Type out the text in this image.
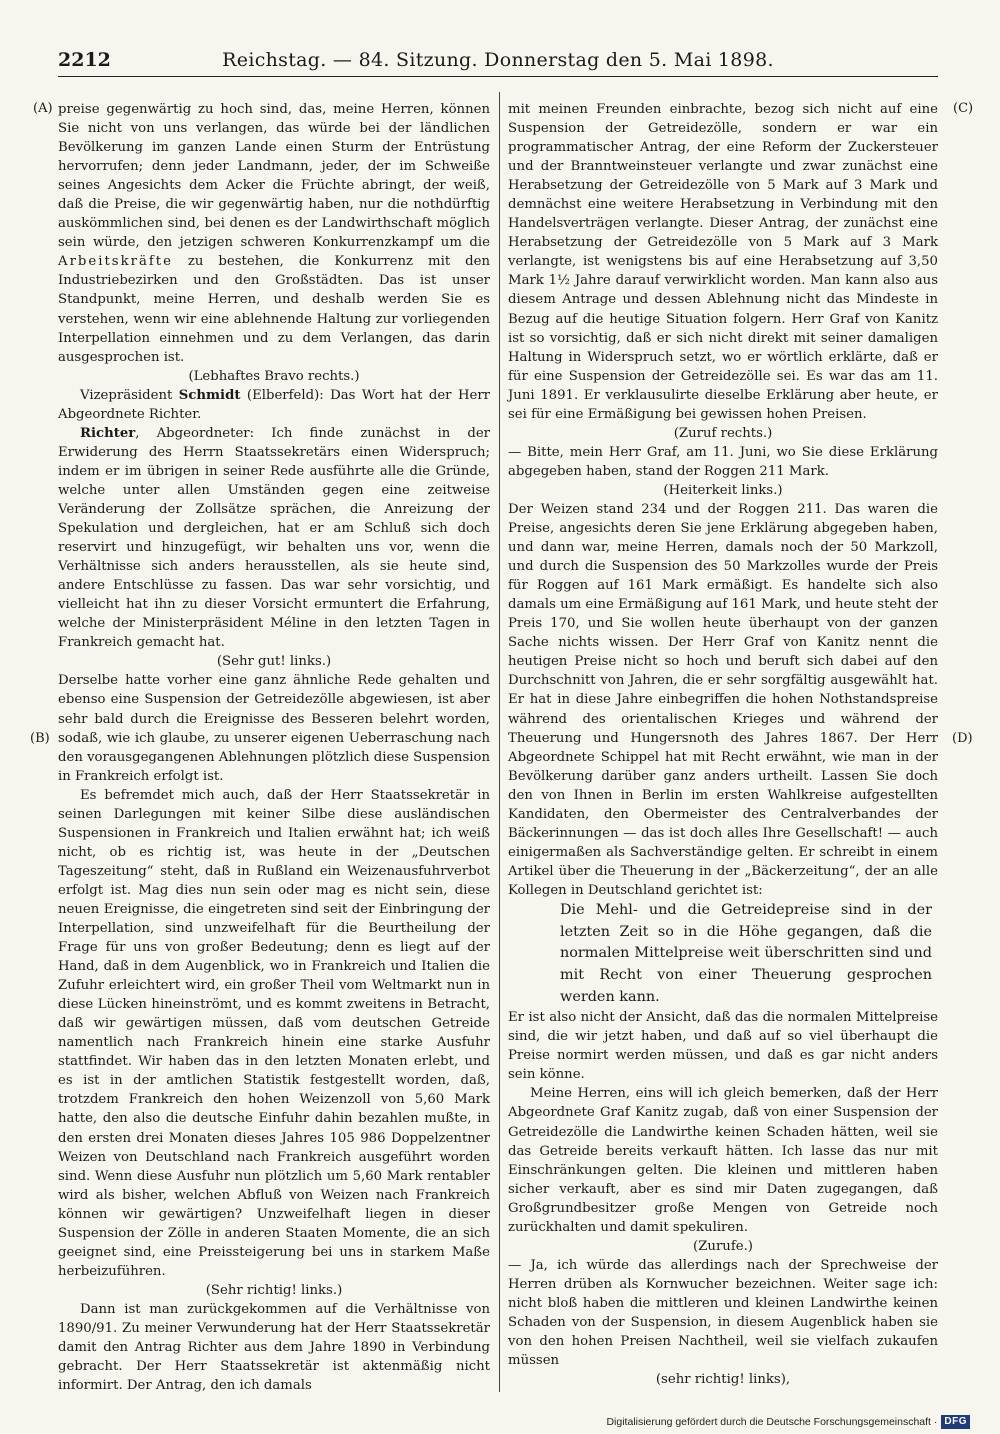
2212	Reichstag. — 84. Sitzung. Donnerstag den 5. Mai 1898.
(A)
(B)
(C)
(D)

preise gegenwärtig zu hoch sind, das, meine Herren, können Sie nicht von uns verlangen, das würde bei der ländlichen Bevölkerung im ganzen Lande einen Sturm der Entrüstung hervorrufen; denn jeder Landmann, jeder, der im Schweiße seines Angesichts dem Acker die Früchte abringt, der weiß, daß die Preise, die wir gegenwärtig haben, nur die nothdürftig auskömmlichen sind, bei denen es der Landwirthschaft möglich sein würde, den jetzigen schweren Konkurrenzkampf um die Arbeitskräfte zu bestehen, die Konkurrenz mit den Industriebezirken und den Großstädten. Das ist unser Standpunkt, meine Herren, und deshalb werden Sie es verstehen, wenn wir eine ablehnende Haltung zur vorliegenden Interpellation einnehmen und zu dem Verlangen, das darin ausgesprochen ist.

(Lebhaftes Bravo rechts.)

Vizepräsident Schmidt (Elberfeld): Das Wort hat der Herr Abgeordnete Richter.

Richter, Abgeordneter: Ich finde zunächst in der Erwiderung des Herrn Staatssekretärs einen Widerspruch; indem er im übrigen in seiner Rede ausführte alle die Gründe, welche unter allen Umständen gegen eine zeitweise Veränderung der Zollsätze sprächen, die Anreizung der Spekulation und dergleichen, hat er am Schluß sich doch reservirt und hinzugefügt, wir behalten uns vor, wenn die Verhältnisse sich anders herausstellen, als sie heute sind, andere Entschlüsse zu fassen. Das war sehr vorsichtig, und vielleicht hat ihn zu dieser Vorsicht ermuntert die Erfahrung, welche der Ministerpräsident Méline in den letzten Tagen in Frankreich gemacht hat.

(Sehr gut! links.)

Derselbe hatte vorher eine ganz ähnliche Rede gehalten und ebenso eine Suspension der Getreidezölle abgewiesen, ist aber sehr bald durch die Ereignisse des Besseren belehrt worden, sodaß, wie ich glaube, zu unserer eigenen Ueberraschung nach den vorausgegangenen Ablehnungen plötzlich diese Suspension in Frankreich erfolgt ist.

Es befremdet mich auch, daß der Herr Staatssekretär in seinen Darlegungen mit keiner Silbe diese ausländischen Suspensionen in Frankreich und Italien erwähnt hat; ich weiß nicht, ob es richtig ist, was heute in der „Deutschen Tageszeitung“ steht, daß in Rußland ein Weizenausfuhrverbot erfolgt ist. Mag dies nun sein oder mag es nicht sein, diese neuen Ereignisse, die eingetreten sind seit der Einbringung der Interpellation, sind unzweifelhaft für die Beurtheilung der Frage für uns von großer Bedeutung; denn es liegt auf der Hand, daß in dem Augenblick, wo in Frankreich und Italien die Zufuhr erleichtert wird, ein großer Theil vom Weltmarkt nun in diese Lücken hineinströmt, und es kommt zweitens in Betracht, daß wir gewärtigen müssen, daß vom deutschen Getreide namentlich nach Frankreich hinein eine starke Ausfuhr stattfindet. Wir haben das in den letzten Monaten erlebt, und es ist in der amtlichen Statistik festgestellt worden, daß, trotzdem Frankreich den hohen Weizenzoll von 5,60 Mark hatte, den also die deutsche Einfuhr dahin bezahlen mußte, in den ersten drei Monaten dieses Jahres 105 986 Doppelzentner Weizen von Deutschland nach Frankreich ausgeführt worden sind. Wenn diese Ausfuhr nun plötzlich um 5,60 Mark rentabler wird als bisher, welchen Abfluß von Weizen nach Frankreich können wir gewärtigen? Unzweifelhaft liegen in dieser Suspension der Zölle in anderen Staaten Momente, die an sich geeignet sind, eine Preissteigerung bei uns in starkem Maße herbeizuführen.

(Sehr richtig! links.)

Dann ist man zurückgekommen auf die Verhältnisse von 1890/91. Zu meiner Verwunderung hat der Herr Staatssekretär damit den Antrag Richter aus dem Jahre 1890 in Verbindung gebracht. Der Herr Staatssekretär ist aktenmäßig nicht informirt. Der Antrag, den ich damals

mit meinen Freunden einbrachte, bezog sich nicht auf eine Suspension der Getreidezölle, sondern er war ein programmatischer Antrag, der eine Reform der Zuckersteuer und der Branntweinsteuer verlangte und zwar zunächst eine Herabsetzung der Getreidezölle von 5 Mark auf 3 Mark und demnächst eine weitere Herabsetzung in Verbindung mit den Handelsverträgen verlangte. Dieser Antrag, der zunächst eine Herabsetzung der Getreidezölle von 5 Mark auf 3 Mark verlangte, ist wenigstens bis auf eine Herabsetzung auf 3,50 Mark 1½ Jahre darauf verwirklicht worden. Man kann also aus diesem Antrage und dessen Ablehnung nicht das Mindeste in Bezug auf die heutige Situation folgern. Herr Graf von Kanitz ist so vorsichtig, daß er sich nicht direkt mit seiner damaligen Haltung in Widerspruch setzt, wo er wörtlich erklärte, daß er für eine Suspension der Getreidezölle sei. Es war das am 11. Juni 1891. Er verklausulirte dieselbe Erklärung aber heute, er sei für eine Ermäßigung bei gewissen hohen Preisen.

(Zuruf rechts.)

— Bitte, mein Herr Graf, am 11. Juni, wo Sie diese Erklärung abgegeben haben, stand der Roggen 211 Mark.

(Heiterkeit links.)

Der Weizen stand 234 und der Roggen 211. Das waren die Preise, angesichts deren Sie jene Erklärung abgegeben haben, und dann war, meine Herren, damals noch der 50 Markzoll, und durch die Suspension des 50 Markzolles wurde der Preis für Roggen auf 161 Mark ermäßigt. Es handelte sich also damals um eine Ermäßigung auf 161 Mark, und heute steht der Preis 170, und Sie wollen heute überhaupt von der ganzen Sache nichts wissen. Der Herr Graf von Kanitz nennt die heutigen Preise nicht so hoch und beruft sich dabei auf den Durchschnitt von Jahren, die er sehr sorgfältig ausgewählt hat. Er hat in diese Jahre einbegriffen die hohen Nothstandspreise während des orientalischen Krieges und während der Theuerung und Hungersnoth des Jahres 1867. Der Herr Abgeordnete Schippel hat mit Recht erwähnt, wie man in der Bevölkerung darüber ganz anders urtheilt. Lassen Sie doch den von Ihnen in Berlin im ersten Wahlkreise aufgestellten Kandidaten, den Obermeister des Centralverbandes der Bäckerinnungen — das ist doch alles Ihre Gesellschaft! — auch einigermaßen als Sachverständige gelten. Er schreibt in einem Artikel über die Theuerung in der „Bäckerzeitung“, der an alle Kollegen in Deutschland gerichtet ist:

Die Mehl- und die Getreidepreise sind in der letzten Zeit so in die Höhe gegangen, daß die normalen Mittelpreise weit überschritten sind und mit Recht von einer Theuerung gesprochen werden kann.

Er ist also nicht der Ansicht, daß das die normalen Mittelpreise sind, die wir jetzt haben, und daß auf so viel überhaupt die Preise normirt werden müssen, und daß es gar nicht anders sein könne.

Meine Herren, eins will ich gleich bemerken, daß der Herr Abgeordnete Graf Kanitz zugab, daß von einer Suspension der Getreidezölle die Landwirthe keinen Schaden hätten, weil sie das Getreide bereits verkauft hätten. Ich lasse das nur mit Einschränkungen gelten. Die kleinen und mittleren haben sicher verkauft, aber es sind mir Daten zugegangen, daß Großgrundbesitzer große Mengen von Getreide noch zurückhalten und damit spekuliren.

(Zurufe.)

— Ja, ich würde das allerdings nach der Sprechweise der Herren drüben als Kornwucher bezeichnen. Weiter sage ich: nicht bloß haben die mittleren und kleinen Landwirthe keinen Schaden von der Suspension, in diesem Augenblick haben sie von den hohen Preisen Nachtheil, weil sie vielfach zukaufen müssen

(sehr richtig! links),

Digitalisierung gefördert durch die Deutsche Forschungsgemeinschaft · DFG
